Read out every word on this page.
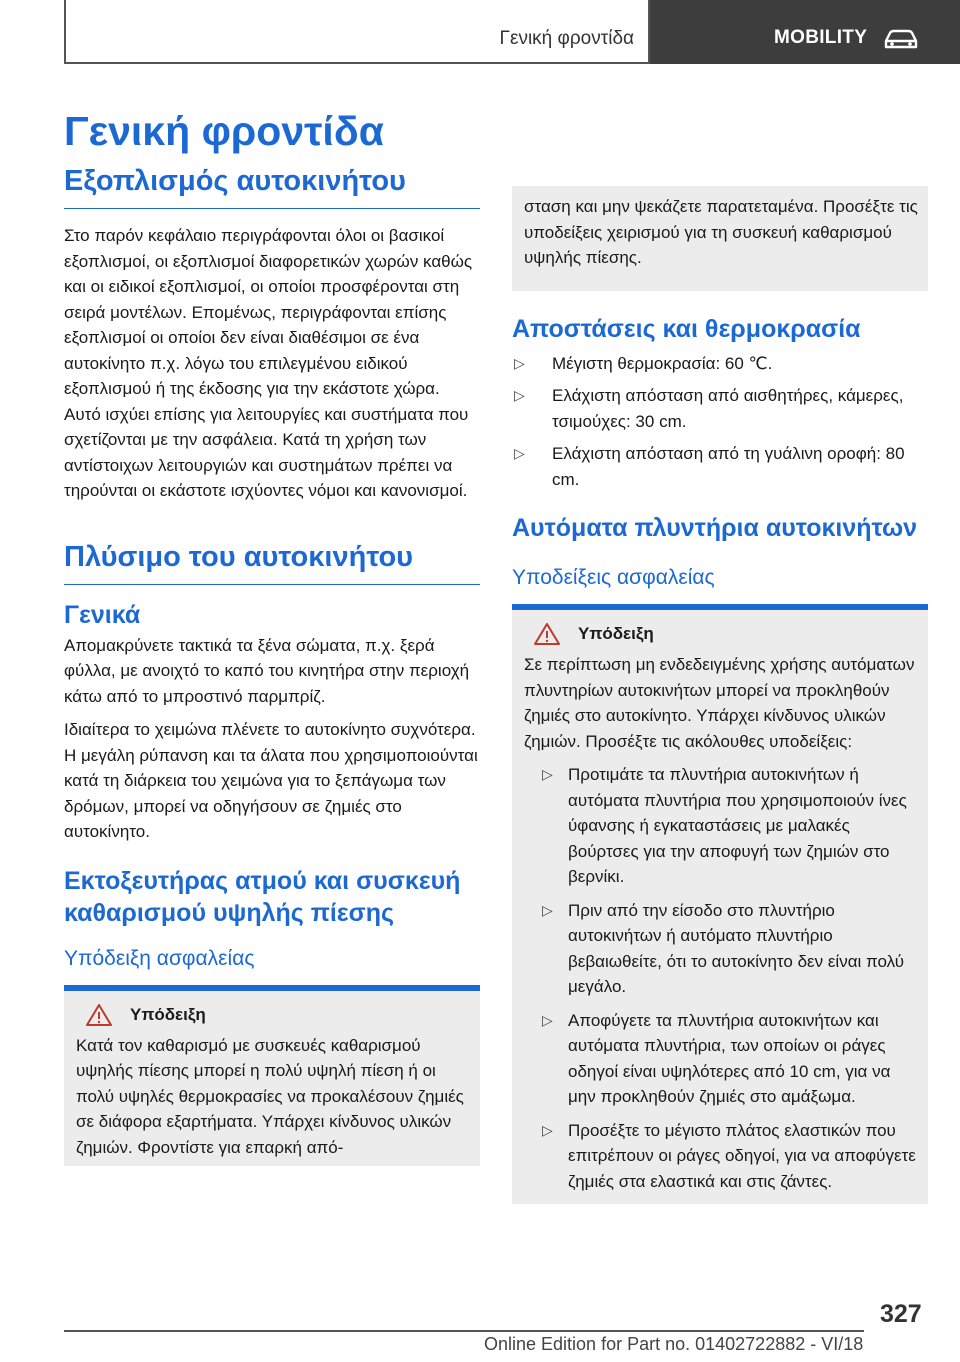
Γενική φροντίδα	MOBILITY
Γενική φροντίδα
Εξοπλισμός αυτοκινήτου

Στο παρόν κεφάλαιο περιγράφονται όλοι οι βασικοί εξοπλισμοί, οι εξοπλισμοί διαφορετικών χωρών καθώς και οι ειδικοί εξοπλισμοί, οι οποίοι προσφέρονται στη σειρά μοντέλων. Επομένως, περιγράφονται επίσης εξοπλισμοί οι οποίοι δεν είναι διαθέσιμοι σε ένα αυτοκίνητο π.χ. λόγω του επιλεγμένου ειδικού εξοπλισμού ή της έκδοσης για την εκάστοτε χώρα. Αυτό ισχύει επίσης για λειτουργίες και συστήματα που σχετίζονται με την ασφάλεια. Κατά τη χρήση των αντίστοιχων λειτουργιών και συστημάτων πρέπει να τηρούνται οι εκάστοτε ισχύοντες νόμοι και κανονισμοί.

Πλύσιμο του αυτοκινήτου
Γενικά

Απομακρύνετε τακτικά τα ξένα σώματα, π.χ. ξερά φύλλα, με ανοιχτό το καπό του κινητήρα στην περιοχή κάτω από το μπροστινό παρμπρίζ.

Ιδιαίτερα το χειμώνα πλένετε το αυτοκίνητο συχνότερα. Η μεγάλη ρύπανση και τα άλατα που χρησιμοποιούνται κατά τη διάρκεια του χειμώνα για το ξεπάγωμα των δρόμων, μπορεί να οδηγήσουν σε ζημιές στο αυτοκίνητο.

Εκτοξευτήρας ατμού και συσκευή καθαρισμού υψηλής πίεσης
Υπόδειξη ασφαλείας
Υπόδειξη

Κατά τον καθαρισμό με συσκευές καθαρισμού υψηλής πίεσης μπορεί η πολύ υψηλή πίεση ή οι πολύ υψηλές θερμοκρασίες να προκαλέσουν ζημιές σε διάφορα εξαρτήματα. Υπάρχει κίνδυνος υλικών ζημιών. Φροντίστε για επαρκή από-

σταση και μην ψεκάζετε παρατεταμένα. Προσέξτε τις υποδείξεις χειρισμού για τη συσκευή καθαρισμού υψηλής πίεσης.

Αποστάσεις και θερμοκρασία
▷	Μέγιστη θερμοκρασία: 60 ℃.
▷	Ελάχιστη απόσταση από αισθητήρες, κάμερες, τσιμούχες: 30 cm.
▷	Ελάχιστη απόσταση από τη γυάλινη οροφή: 80 cm.
Αυτόματα πλυντήρια αυτοκινήτων
Υποδείξεις ασφαλείας
Υπόδειξη

Σε περίπτωση μη ενδεδειγμένης χρήσης αυτόματων πλυντηρίων αυτοκινήτων μπορεί να προκληθούν ζημιές στο αυτοκίνητο. Υπάρχει κίνδυνος υλικών ζημιών. Προσέξτε τις ακόλουθες υποδείξεις:

▷ Προτιμάτε τα πλυντήρια αυτοκινήτων ή αυτόματα πλυντήρια που χρησιμοποιούν ίνες ύφανσης ή εγκαταστάσεις με μαλακές βούρτσες για την αποφυγή των ζημιών στο βερνίκι.
▷ Πριν από την είσοδο στο πλυντήριο αυτοκινήτων ή αυτόματο πλυντήριο βεβαιωθείτε, ότι το αυτοκίνητο δεν είναι πολύ μεγάλο.
▷ Αποφύγετε τα πλυντήρια αυτοκινήτων και αυτόματα πλυντήρια, των οποίων οι ράγες οδηγοί είναι υψηλότερες από 10 cm, για να μην προκληθούν ζημιές στο αμάξωμα.
▷ Προσέξτε το μέγιστο πλάτος ελαστικών που επιτρέπουν οι ράγες οδηγοί, για να αποφύγετε ζημιές στα ελαστικά και στις ζάντες.
327
Online Edition for Part no. 01402722882 - VI/18
